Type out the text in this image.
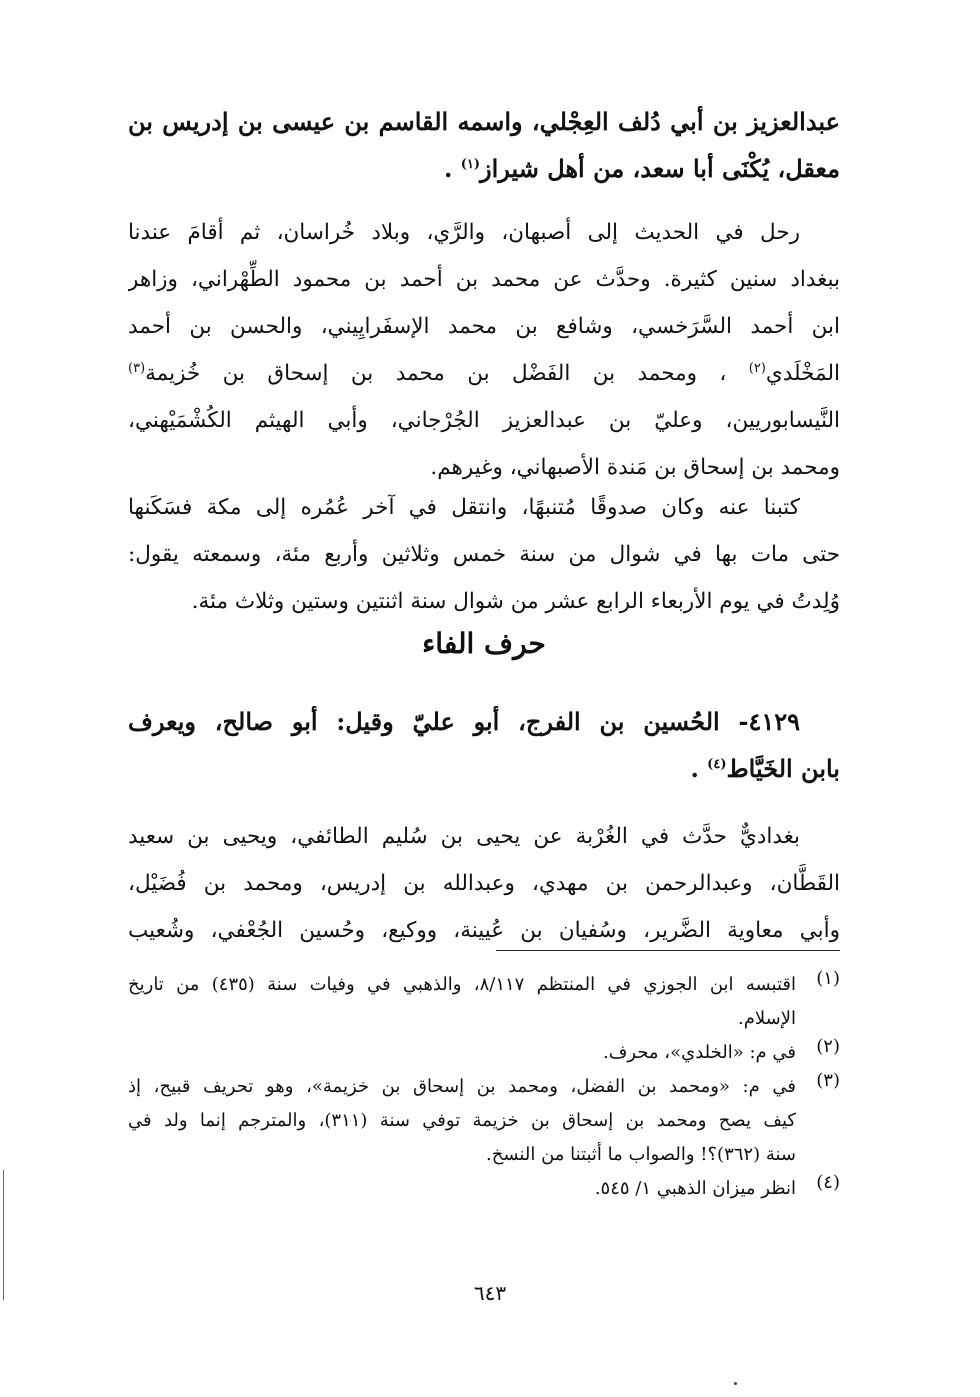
عبدالعزيز بن أبي دُلف العِجْلي، واسمه القاسم بن عيسى بن إدريس بن
معقل، يُكْنَى أبا سعد، من أهل شيراز$^{(١)}$ .
رحل في الحديث إلى أصبهان، والرَّي، وبلاد خُراسان، ثم أقامَ عندنا
ببغداد سنين كثيرة. وحدَّث عن محمد بن أحمد بن محمود الطِّهْراني، وزاهر
ابن أحمد السَّرَخسي، وشافع بن محمد الإسفَرايِيني، والحسن بن أحمد
المَخْلَدي$^{(٢)}$ ، ومحمد بن الفَضْل بن محمد بن إسحاق بن خُزيمة$^{(٣)}$
النَّيسابوريين، وعليّ بن عبدالعزيز الجُرْجاني، وأبي الهيثم الكُشْمَيْهني،
ومحمد بن إسحاق بن مَندة الأصبهاني، وغيرهم.
كتبنا عنه وكان صدوقًا مُتنبهًا، وانتقل في آخر عُمُره إلى مكة فسَكَنها
حتى مات بها في شوال من سنة خمس وثلاثين وأربع مئة، وسمعته يقول:
وُلِدتُ في يوم الأربعاء الرابع عشر من شوال سنة اثنتين وستين وثلاث مئة.
حرف الفاء
٤١٢٩- الحُسين بن الفرج، أبو عليّ وقيل: أبو صالح، ويعرف
بابن الخَيَّاط$^{(٤)}$ .
بغداديٌّ حدَّث في الغُرْبة عن يحيى بن سُليم الطائفي، ويحيى بن سعيد
القَطَّان، وعبدالرحمن بن مهدي، وعبدالله بن إدريس، ومحمد بن فُضَيْل،
وأبي معاوية الضَّرير، وسُفيان بن عُيينة، ووكيع، وحُسين الجُعْفي، وشُعيب
(١)
اقتبسه ابن الجوزي في المنتظم ٨/١١٧، والذهبي في وفيات سنة (٤٣٥) من تاريخ
الإسلام.
(٢)
في م: «الخلدي»، محرف.
(٣)
في م: «ومحمد بن الفضل، ومحمد بن إسحاق بن خزيمة»، وهو تحريف قبيح، إذ
كيف يصح ومحمد بن إسحاق بن خزيمة توفي سنة (٣١١)، والمترجم إنما ولد في
سنة (٣٦٢)؟! والصواب ما أثبتنا من النسخ.
(٤)
انظر ميزان الذهبي ١/ ٥٤٥.
٦٤٣
